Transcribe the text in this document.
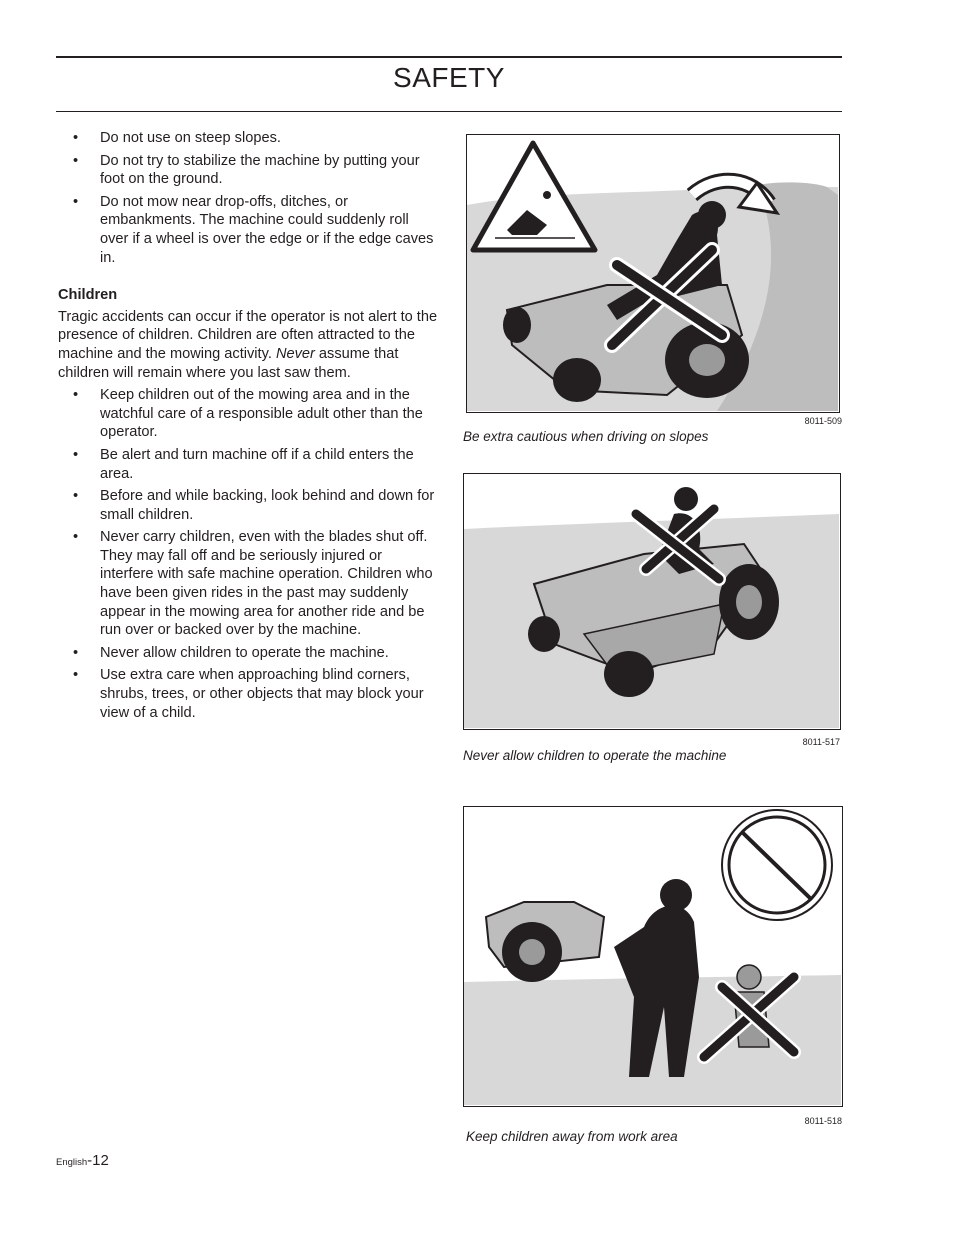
SAFETY
• Do not use on steep slopes.
• Do not try to stabilize the machine by putting your foot on the ground.
• Do not mow near drop-offs, ditches, or embankments. The machine could suddenly roll over if a wheel is over the edge or if the edge caves in.
Children

Tragic accidents can occur if the operator is not alert to the presence of children. Children are often attracted to the machine and the mowing activity. Never assume that children will remain where you last saw them.

• Keep children out of the mowing area and in the watchful care of a responsible adult other than the operator.
• Be alert and turn machine off if a child enters the area.
• Before and while backing, look behind and down for small children.
• Never carry children, even with the blades shut off. They may fall off and be seriously injured or interfere with safe machine operation. Children who have been given rides in the past may suddenly appear in the mowing area for another ride and be run over or backed over by the machine.
• Never allow children to operate the machine.
• Use extra care when approaching blind corners, shrubs, trees, or other objects that may block your view of a child.
8011-509
Be extra cautious when driving on slopes
8011-517
Never allow children to operate the machine
8011-518
Keep children away from work area
English-12
